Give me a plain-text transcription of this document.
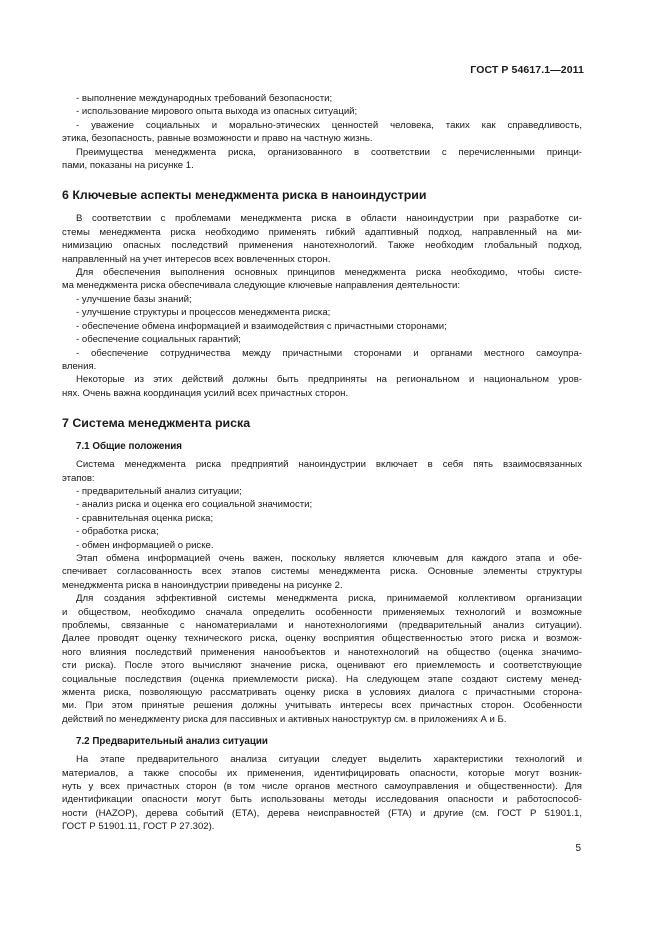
ГОСТ Р 54617.1—2011

- выполнение международных требований безопасности;

- использование мирового опыта выхода из опасных ситуаций;

- уважение социальных и морально-этических ценностей человека, таких как справедливость,

этика, безопасность, равные возможности и право на частную жизнь.

Преимущества менеджмента риска, организованного в соответствии с перечисленными принци-

пами, показаны на рисунке 1.

6 Ключевые аспекты менеджмента риска в наноиндустрии

В соответствии с проблемами менеджмента риска в области наноиндустрии при разработке си-

стемы менеджмента риска необходимо применять гибкий адаптивный подход, направленный на ми-

нимизацию опасных последствий применения нанотехнологий. Также необходим глобальный подход,

направленный на учет интересов всех вовлеченных сторон.

Для обеспечения выполнения основных принципов менеджмента риска необходимо, чтобы систе-

ма менеджмента риска обеспечивала следующие ключевые направления деятельности:

- улучшение базы знаний;

- улучшение структуры и процессов менеджмента риска;

- обеспечение обмена информацией и взаимодействия с причастными сторонами;

- обеспечение социальных гарантий;

- обеспечение сотрудничества между причастными сторонами и органами местного самоупра-

вления.

Некоторые из этих действий должны быть предприняты на региональном и национальном уров-

нях. Очень важна координация усилий всех причастных сторон.

7 Система менеджмента риска
7.1 Общие положения

Система менеджмента риска предприятий наноиндустрии включает в себя пять взаимосвязанных

этапов:

- предварительный анализ ситуации;

- анализ риска и оценка его социальной значимости;

- сравнительная оценка риска;

- обработка риска;

- обмен информацией о риске.

Этап обмена информацией очень важен, поскольку является ключевым для каждого этапа и обе-

спечивает согласованность всех этапов системы менеджмента риска. Основные элементы структуры

менеджмента риска в наноиндустрии приведены на рисунке 2.

Для создания эффективной системы менеджмента риска, принимаемой коллективом организации

и обществом, необходимо сначала определить особенности применяемых технологий и возможные

проблемы, связанные с наноматериалами и нанотехнологиями (предварительный анализ ситуации).

Далее проводят оценку технического риска, оценку восприятия общественностью этого риска и возмож-

ного влияния последствий применения нанообъектов и нанотехнологий на общество (оценка значимо-

сти риска). После этого вычисляют значение риска, оценивают его приемлемость и соответствующие

социальные последствия (оценка приемлемости риска). На следующем этапе создают систему менед-

жмента риска, позволяющую рассматривать оценку риска в условиях диалога с причастными сторона-

ми. При этом принятые решения должны учитывать интересы всех причастных сторон. Особенности

действий по менеджменту риска для пассивных и активных наноструктур см. в приложениях А и Б.

7.2 Предварительный анализ ситуации

На этапе предварительного анализа ситуации следует выделить характеристики технологий и

материалов, а также способы их применения, идентифицировать опасности, которые могут возник-

нуть у всех причастных сторон (в том числе органов местного самоуправления и общественности). Для

идентификации опасности могут быть использованы методы исследования опасности и работоспособ-

ности (HAZOP), дерева событий (ЕТА), дерева неисправностей (FTA) и другие (см. ГОСТ Р 51901.1,

ГОСТ Р 51901.11, ГОСТ Р 27.302).

5
